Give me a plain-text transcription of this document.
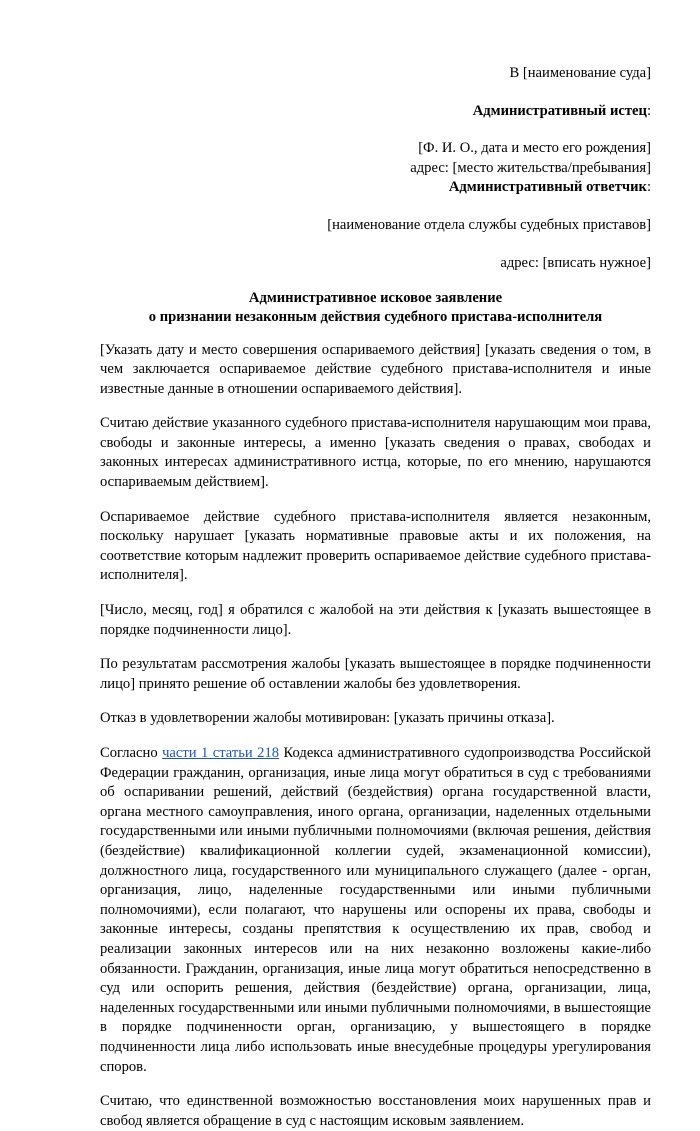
В [наименование суда]
Административный истец:
[Ф. И. О., дата и место его рождения]
адрес: [место жительства/пребывания]
Административный ответчик:
[наименование отдела службы судебных приставов]
адрес: [вписать нужное]
Административное исковое заявление
о признании незаконным действия судебного пристава-исполнителя

[Указать дату и место совершения оспариваемого действия] [указать сведения о том, в чем заключается оспариваемое действие судебного пристава-исполнителя и иные известные данные в отношении оспариваемого действия].

Считаю действие указанного судебного пристава-исполнителя нарушающим мои права, свободы и законные интересы, а именно [указать сведения о правах, свободах и законных интересах административного истца, которые, по его мнению, нарушаются оспариваемым действием].

Оспариваемое действие судебного пристава-исполнителя является незаконным, поскольку нарушает [указать нормативные правовые акты и их положения, на соответствие которым надлежит проверить оспариваемое действие судебного пристава-исполнителя].

[Число, месяц, год] я обратился с жалобой на эти действия к [указать вышестоящее в порядке подчиненности лицо].

По результатам рассмотрения жалобы [указать вышестоящее в порядке подчиненности лицо] принято решение об оставлении жалобы без удовлетворения.

Отказ в удовлетворении жалобы мотивирован: [указать причины отказа].

Согласно части 1 статьи 218 Кодекса административного судопроизводства Российской Федерации гражданин, организация, иные лица могут обратиться в суд с требованиями об оспаривании решений, действий (бездействия) органа государственной власти, органа местного самоуправления, иного органа, организации, наделенных отдельными государственными или иными публичными полномочиями (включая решения, действия (бездействие) квалификационной коллегии судей, экзаменационной комиссии), должностного лица, государственного или муниципального служащего (далее - орган, организация, лицо, наделенные государственными или иными публичными полномочиями), если полагают, что нарушены или оспорены их права, свободы и законные интересы, созданы препятствия к осуществлению их прав, свобод и реализации законных интересов или на них незаконно возложены какие-либо обязанности. Гражданин, организация, иные лица могут обратиться непосредственно в суд или оспорить решения, действия (бездействие) органа, организации, лица, наделенных государственными или иными публичными полномочиями, в вышестоящие в порядке подчиненности орган, организацию, у вышестоящего в порядке подчиненности лица либо использовать иные внесудебные процедуры урегулирования споров.

Считаю, что единственной возможностью восстановления моих нарушенных прав и свобод является обращение в суд с настоящим исковым заявлением.
